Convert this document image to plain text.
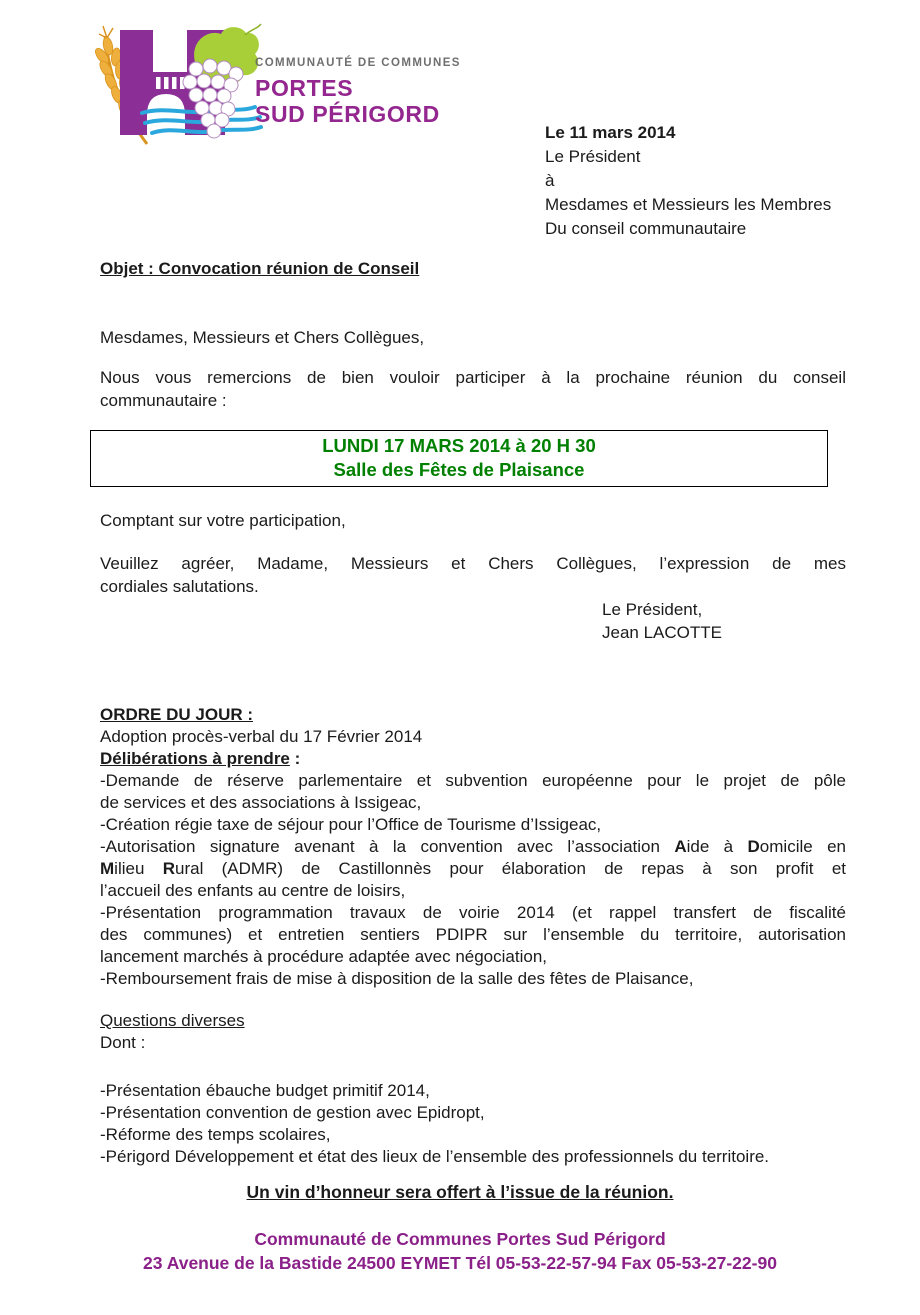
COMMUNAUTÉ DE COMMUNES
PORTES
SUD PÉRIGORD
Le 11 mars 2014
Le Président
à
Mesdames et Messieurs les Membres
Du conseil communautaire
Objet : Convocation réunion de Conseil
Mesdames, Messieurs et Chers Collègues,
Nous vous remercions de bien vouloir participer à la prochaine réunion du conseil
communautaire :
LUNDI 17 MARS 2014 à 20 H 30
Salle des Fêtes de Plaisance
Comptant sur votre participation,
Veuillez agréer, Madame, Messieurs et Chers Collègues, l’expression de mes
cordiales salutations.
Le Président,
Jean LACOTTE
ORDRE DU JOUR :
Adoption procès-verbal du 17 Février 2014
Délibérations à prendre :
-Demande de réserve parlementaire et subvention européenne pour le projet de pôle
de services et des associations à Issigeac,
-Création régie taxe de séjour pour l’Office de Tourisme d’Issigeac,
-Autorisation signature avenant à la convention avec l’association Aide à Domicile en
Milieu Rural (ADMR) de Castillonnès pour élaboration de repas à son profit et
l’accueil des enfants au centre de loisirs,
-Présentation programmation travaux de voirie 2014 (et rappel transfert de fiscalité
des communes) et entretien sentiers PDIPR sur l’ensemble du territoire, autorisation
lancement marchés à procédure adaptée avec négociation,
-Remboursement frais de mise à disposition de la salle des fêtes de Plaisance,
Questions diverses
Dont :
-Présentation ébauche budget primitif 2014,
-Présentation convention de gestion avec Epidropt,
-Réforme des temps scolaires,
-Périgord Développement et état des lieux de l’ensemble des professionnels du territoire.
Un vin d’honneur sera offert à l’issue de la réunion.
Communauté de Communes Portes Sud Périgord
23 Avenue de la Bastide 24500 EYMET Tél 05-53-22-57-94 Fax 05-53-27-22-90
